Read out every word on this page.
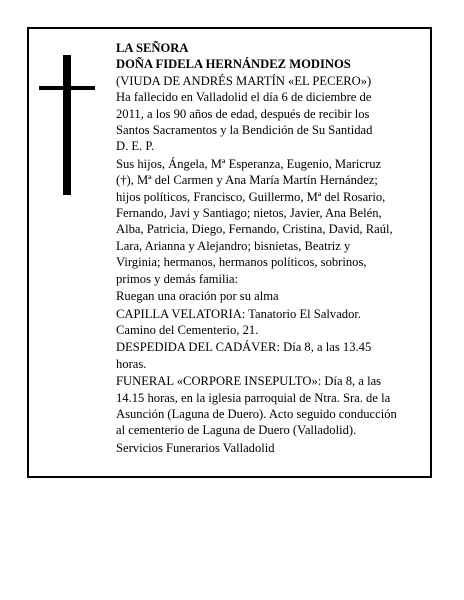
LA SEÑORA
DOÑA FIDELA HERNÁNDEZ MODINOS
(VIUDA DE ANDRÉS MARTÍN «EL PECERO»)
Ha fallecido en Valladolid el día 6 de diciembre de
2011, a los 90 años de edad, después de recibir los
Santos Sacramentos y la Bendición de Su Santidad
D. E. P.
Sus hijos, Ángela, Mª Esperanza, Eugenio, Maricruz
(†), Mª del Carmen y Ana María Martín Hernández;
hijos políticos, Francisco, Guillermo, Mª del Rosario,
Fernando, Javi y Santiago; nietos, Javier, Ana Belén,
Alba, Patricia, Diego, Fernando, Cristina, David, Raúl,
Lara, Arianna y Alejandro; bisnietas, Beatriz y
Virginia; hermanos, hermanos políticos, sobrinos,
primos y demás familia:
Ruegan una oración por su alma
CAPILLA VELATORIA: Tanatorio El Salvador.
Camino del Cementerio, 21.
DESPEDIDA DEL CADÁVER: Día 8, a las 13.45
horas.
FUNERAL «CORPORE INSEPULTO»: Día 8, a las
14.15 horas, en la iglesia parroquial de Ntra. Sra. de la
Asunción (Laguna de Duero). Acto seguido conducción
al cementerio de Laguna de Duero (Valladolid).
Servicios Funerarios Valladolid
